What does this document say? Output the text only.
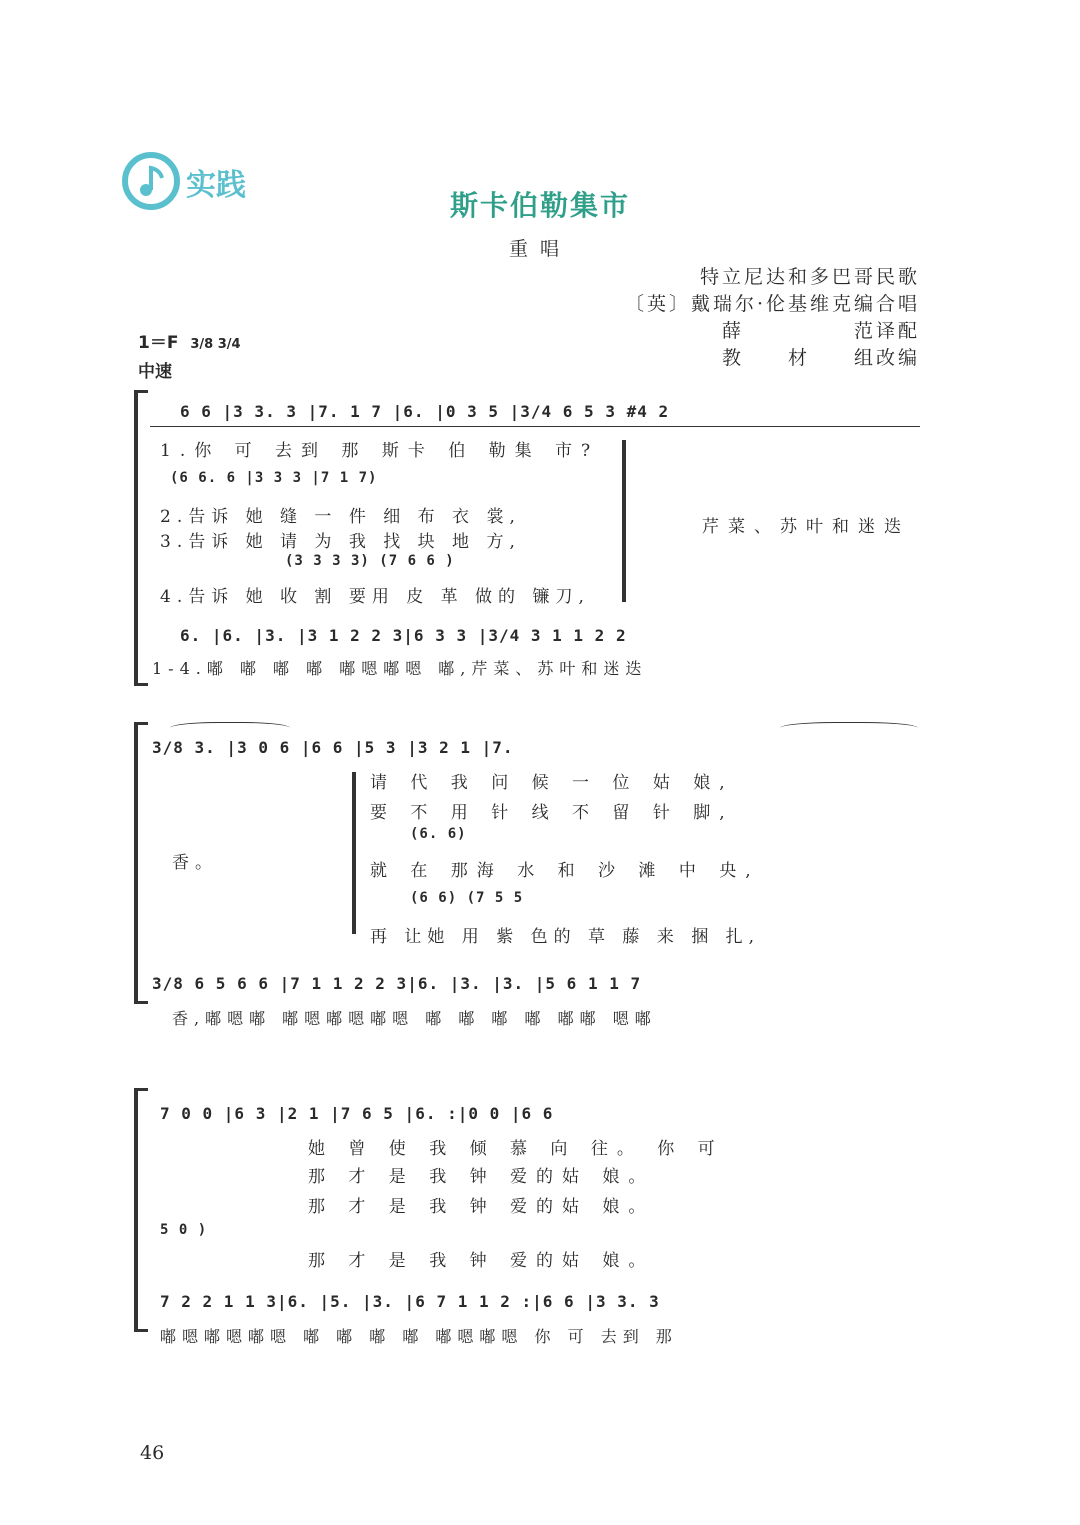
实践
斯卡伯勒集市
重唱
特立尼达和多巴哥民歌
〔英〕戴瑞尔·伦基维克编合唱
薛　　　　　范译配
教　　材　　组改编
1＝F 3/8 3/4
中速
6 6 |3 3. 3 |7. 1 7 |6. |0 3 5 |3/4 6 5 3 #4 2
1.你 可 去到 那 斯卡 伯 勒集 市?
(6 6. 6 |3 3 3 |7 1 7)
2.告诉 她 缝 一 件 细 布 衣 裳,
3.告诉 她 请 为 我 找 块 地 方,
(3 3 3 3) (7 6 6 )
4.告诉 她 收 割 要用 皮 革 做的 镰刀,
芹菜、苏叶和迷迭
6. |6. |3. |3 1 2 2 3|6 3 3 |3/4 3 1 1 2 2
1-4.嘟 嘟 嘟 嘟 嘟嗯嘟嗯 嘟,芹菜、苏叶和迷迭
3/8 3. |3 0 6 |6 6 |5 3 |3 2 1 |7.
香。
请 代 我 问 候 一 位 姑 娘,
要 不 用 针 线 不 留 针 脚,
(6. 6)
就 在 那海 水 和 沙 滩 中 央,
(6 6) (7 5 5
再 让她 用 紫 色的 草 藤 来 捆 扎,
3/8 6 5 6 6 |7 1 1 2 2 3|6. |3. |3. |5 6 1 1 7
香,嘟嗯嘟 嘟嗯嘟嗯嘟嗯 嘟 嘟 嘟 嘟 嘟嘟 嗯嘟
7 0 0 |6 3 |2 1 |7 6 5 |6. :|0 0 |6 6
她 曾 使 我 倾 慕 向 往。 你 可
那 才 是 我 钟 爱的姑 娘。
那 才 是 我 钟 爱的姑 娘。
5 0 )
那 才 是 我 钟 爱的姑 娘。
7 2 2 1 1 3|6. |5. |3. |6 7 1 1 2 :|6 6 |3 3. 3
嘟嗯嘟嗯嘟嗯 嘟 嘟 嘟 嘟 嘟嗯嘟嗯 你 可 去到 那
46
